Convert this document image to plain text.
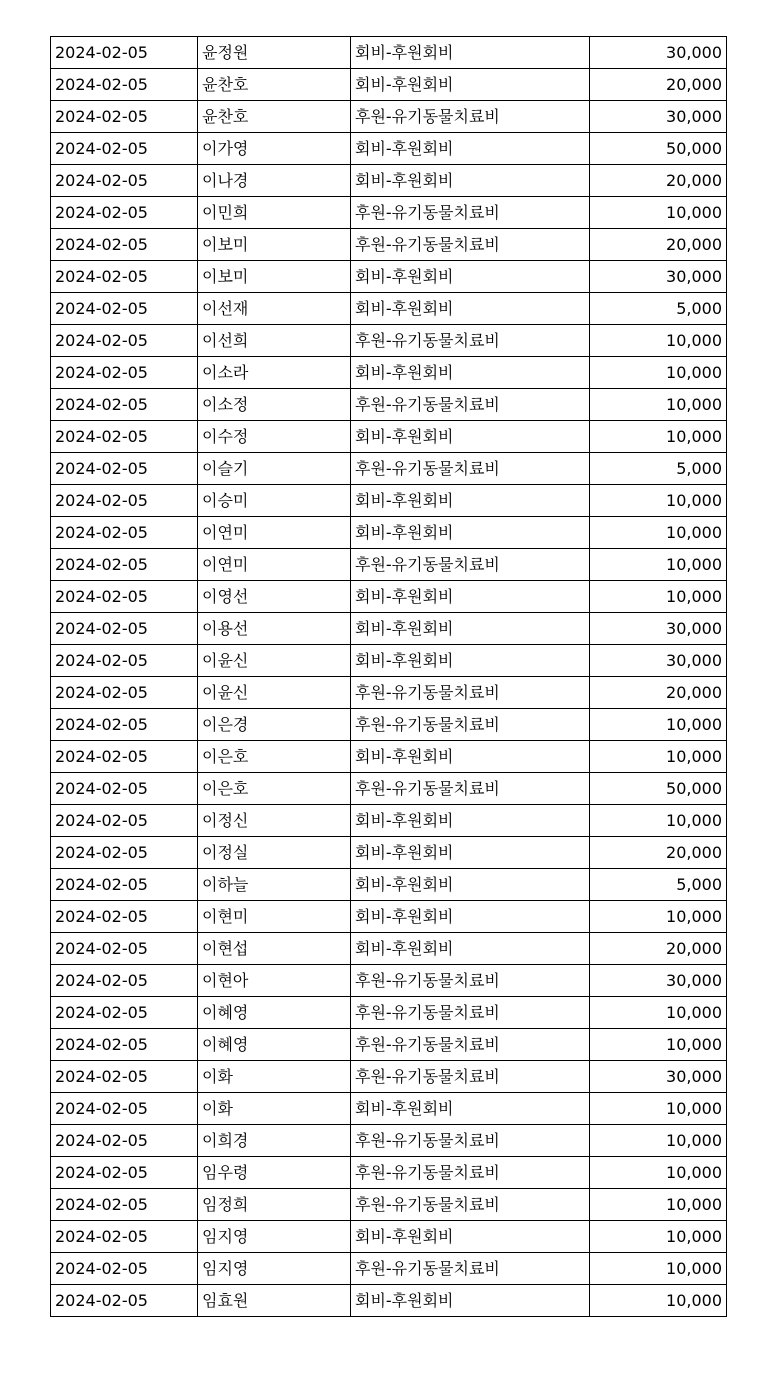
2024-02-05	윤정원	회비-후원회비	30,000
2024-02-05	윤찬호	회비-후원회비	20,000
2024-02-05	윤찬호	후원-유기동물치료비	30,000
2024-02-05	이가영	회비-후원회비	50,000
2024-02-05	이나경	회비-후원회비	20,000
2024-02-05	이민희	후원-유기동물치료비	10,000
2024-02-05	이보미	후원-유기동물치료비	20,000
2024-02-05	이보미	회비-후원회비	30,000
2024-02-05	이선재	회비-후원회비	5,000
2024-02-05	이선희	후원-유기동물치료비	10,000
2024-02-05	이소라	회비-후원회비	10,000
2024-02-05	이소정	후원-유기동물치료비	10,000
2024-02-05	이수정	회비-후원회비	10,000
2024-02-05	이슬기	후원-유기동물치료비	5,000
2024-02-05	이승미	회비-후원회비	10,000
2024-02-05	이연미	회비-후원회비	10,000
2024-02-05	이연미	후원-유기동물치료비	10,000
2024-02-05	이영선	회비-후원회비	10,000
2024-02-05	이용선	회비-후원회비	30,000
2024-02-05	이윤신	회비-후원회비	30,000
2024-02-05	이윤신	후원-유기동물치료비	20,000
2024-02-05	이은경	후원-유기동물치료비	10,000
2024-02-05	이은호	회비-후원회비	10,000
2024-02-05	이은호	후원-유기동물치료비	50,000
2024-02-05	이정신	회비-후원회비	10,000
2024-02-05	이정실	회비-후원회비	20,000
2024-02-05	이하늘	회비-후원회비	5,000
2024-02-05	이현미	회비-후원회비	10,000
2024-02-05	이현섭	회비-후원회비	20,000
2024-02-05	이현아	후원-유기동물치료비	30,000
2024-02-05	이혜영	후원-유기동물치료비	10,000
2024-02-05	이혜영	후원-유기동물치료비	10,000
2024-02-05	이화	후원-유기동물치료비	30,000
2024-02-05	이화	회비-후원회비	10,000
2024-02-05	이희경	후원-유기동물치료비	10,000
2024-02-05	임우령	후원-유기동물치료비	10,000
2024-02-05	임정희	후원-유기동물치료비	10,000
2024-02-05	임지영	회비-후원회비	10,000
2024-02-05	임지영	후원-유기동물치료비	10,000
2024-02-05	임효원	회비-후원회비	10,000
